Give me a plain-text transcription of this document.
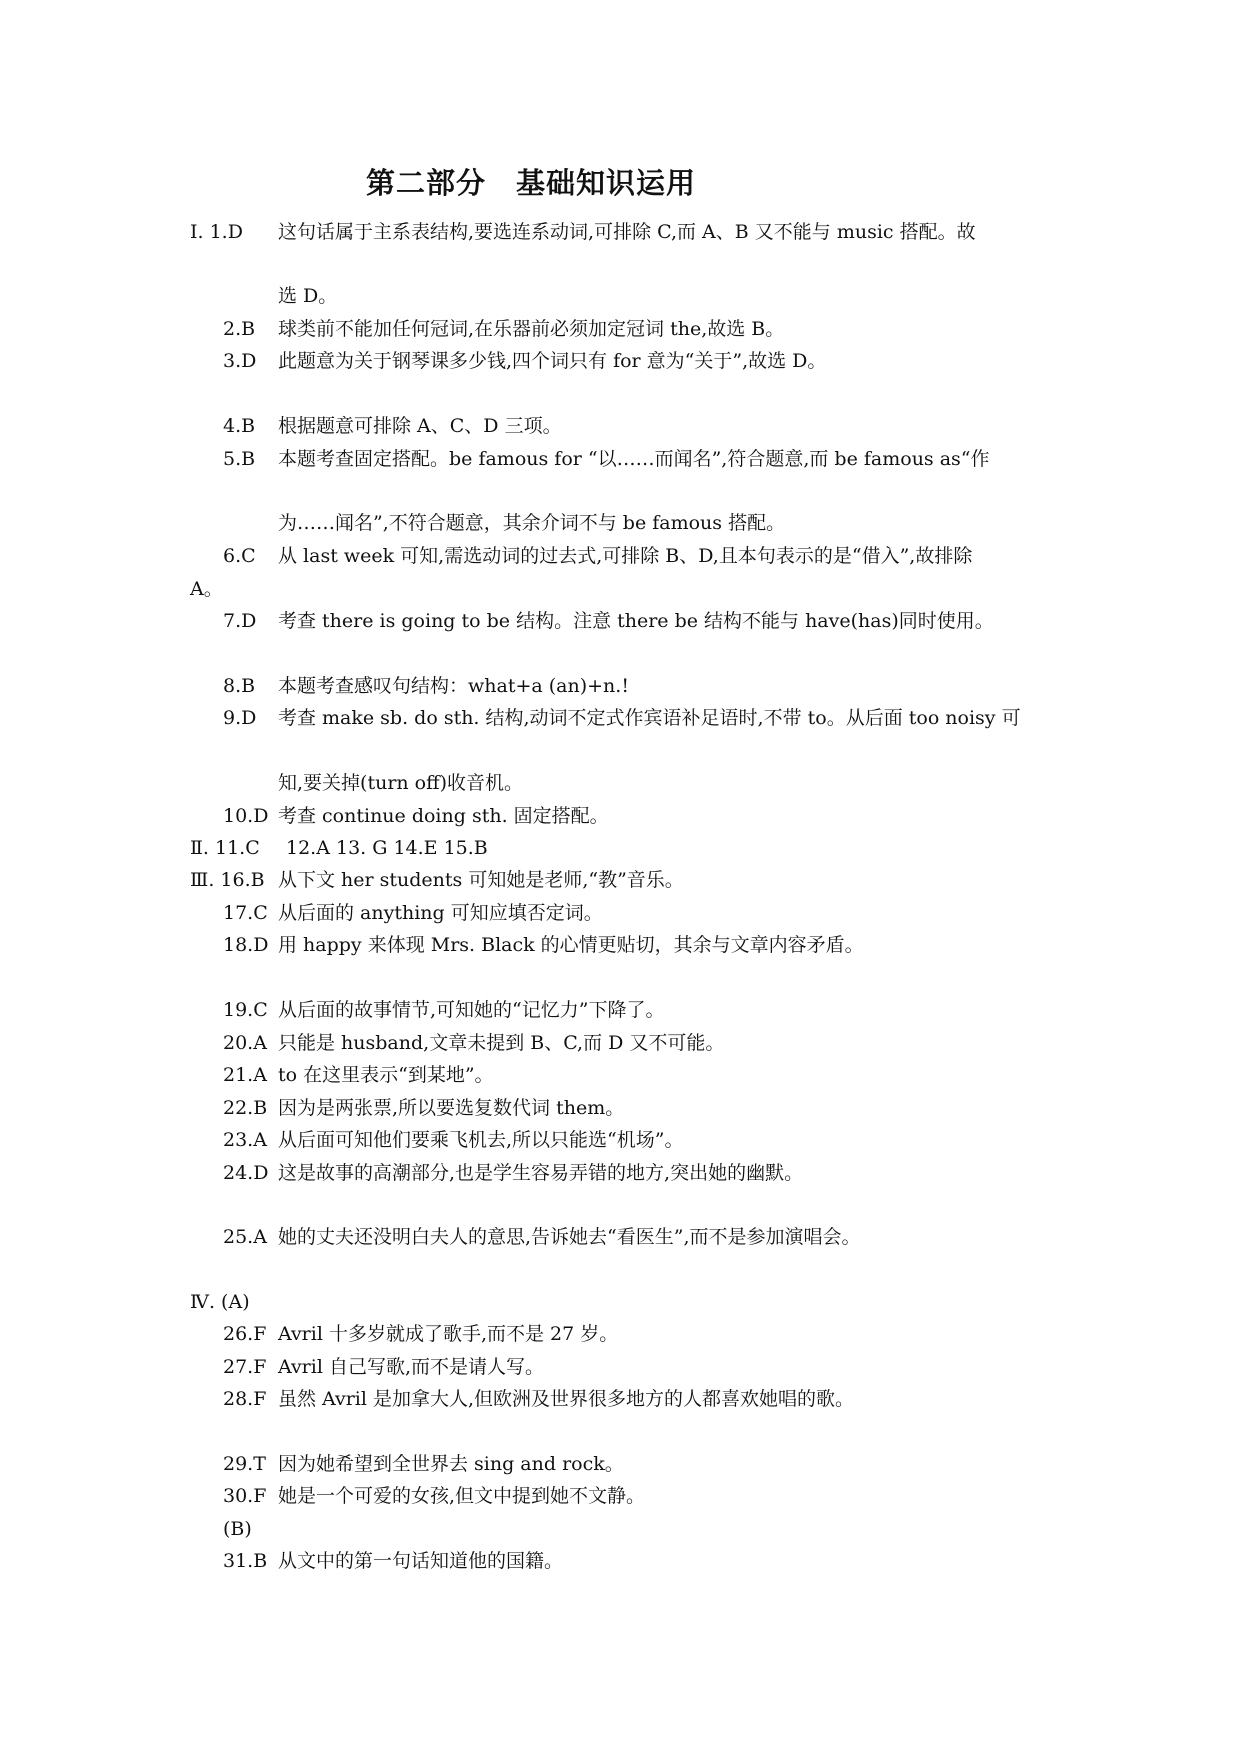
第二部分 基础知识运用
Ⅰ. 1.D 这句话属于主系表结构,要选连系动词,可排除 C,而 A、B 又不能与 music 搭配。故
选 D。
2.B 球类前不能加任何冠词,在乐器前必须加定冠词 the,故选 B。
3.D 此题意为关于钢琴课多少钱,四个词只有 for 意为“关于”,故选 D。
4.B 根据题意可排除 A、C、D 三项。
5.B 本题考查固定搭配。be famous for “以……而闻名”,符合题意,而 be famous as“作
为……闻名”,不符合题意，其余介词不与 be famous 搭配。
6.C 从 last week 可知,需选动词的过去式,可排除 B、D,且本句表示的是“借入”,故排除
A。
7.D 考查 there is going to be 结构。注意 there be 结构不能与 have(has)同时使用。
8.B 本题考查感叹句结构：what+a (an)+n.!
9.D 考查 make sb. do sth. 结构,动词不定式作宾语补足语时,不带 to。从后面 too noisy 可
知,要关掉(turn off)收音机。
10.D 考查 continue doing sth. 固定搭配。
Ⅱ. 11.C 12.A 13. G 14.E 15.B
Ⅲ. 16.B 从下文 her students 可知她是老师,“教”音乐。
17.C 从后面的 anything 可知应填否定词。
18.D 用 happy 来体现 Mrs. Black 的心情更贴切，其余与文章内容矛盾。
19.C 从后面的故事情节,可知她的“记忆力”下降了。
20.A 只能是 husband,文章未提到 B、C,而 D 又不可能。
21.A to 在这里表示“到某地”。
22.B 因为是两张票,所以要选复数代词 them。
23.A 从后面可知他们要乘飞机去,所以只能选“机场”。
24.D 这是故事的高潮部分,也是学生容易弄错的地方,突出她的幽默。
25.A 她的丈夫还没明白夫人的意思,告诉她去“看医生”,而不是参加演唱会。
Ⅳ. (A)
26.F Avril 十多岁就成了歌手,而不是 27 岁。
27.F Avril 自己写歌,而不是请人写。
28.F 虽然 Avril 是加拿大人,但欧洲及世界很多地方的人都喜欢她唱的歌。
29.T 因为她希望到全世界去 sing and rock。
30.F 她是一个可爱的女孩,但文中提到她不文静。
(B)
31.B 从文中的第一句话知道他的国籍。
